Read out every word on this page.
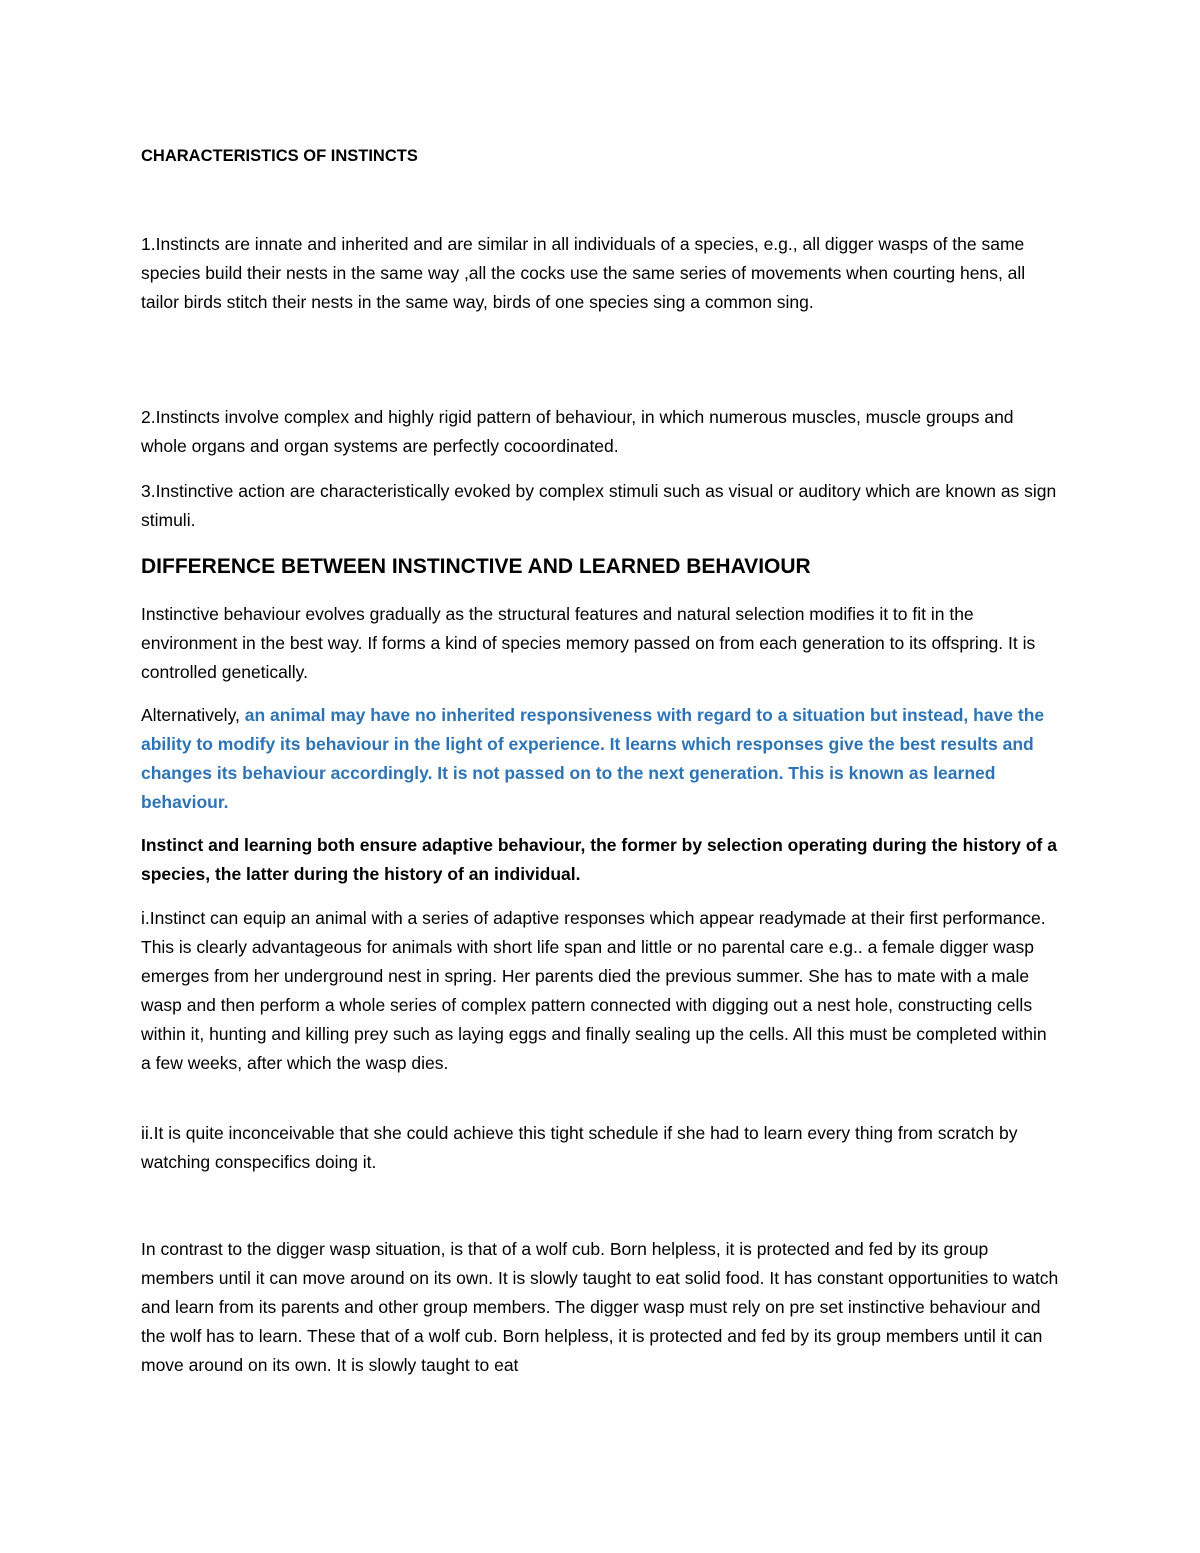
CHARACTERISTICS OF INSTINCTS

1.Instincts are innate and inherited and are similar in all individuals of a species, e.g., all digger wasps of the same species build their nests in the same way ,all the cocks use the same series of movements when courting hens, all tailor birds stitch their nests in the same way, birds of one species sing a common sing.

2.Instincts involve complex and highly rigid pattern of behaviour, in which numerous muscles, muscle groups and whole organs and organ systems are perfectly cocoordinated.

3.Instinctive action are characteristically evoked by complex stimuli such as visual or auditory which are known as sign stimuli.

DIFFERENCE BETWEEN INSTINCTIVE AND LEARNED BEHAVIOUR

Instinctive behaviour evolves gradually as the structural features and natural selection modifies it to fit in the environment in the best way. If forms a kind of species memory passed on from each generation to its offspring. It is controlled genetically.

Alternatively, an animal may have no inherited responsiveness with regard to a situation but instead, have the ability to modify its behaviour in the light of experience. It learns which responses give the best results and changes its behaviour accordingly. It is not passed on to the next generation. This is known as learned behaviour.

Instinct and learning both ensure adaptive behaviour, the former by selection operating during the history of a species, the latter during the history of an individual.

i.Instinct can equip an animal with a series of adaptive responses which appear readymade at their first performance. This is clearly advantageous for animals with short life span and little or no parental care e.g.. a female digger wasp emerges from her underground nest in spring. Her parents died the previous summer. She has to mate with a male wasp and then perform a whole series of complex pattern connected with digging out a nest hole, constructing cells within it, hunting and killing prey such as laying eggs and finally sealing up the cells. All this must be completed within a few weeks, after which the wasp dies.

ii.It is quite inconceivable that she could achieve this tight schedule if she had to learn every thing from scratch by watching conspecifics doing it.

In contrast to the digger wasp situation, is that of a wolf cub. Born helpless, it is protected and fed by its group members until it can move around on its own. It is slowly taught to eat solid food. It has constant opportunities to watch and learn from its parents and other group members. The digger wasp must rely on pre set instinctive behaviour and the wolf has to learn. These that of a wolf cub. Born helpless, it is protected and fed by its group members until it can move around on its own. It is slowly taught to eat
